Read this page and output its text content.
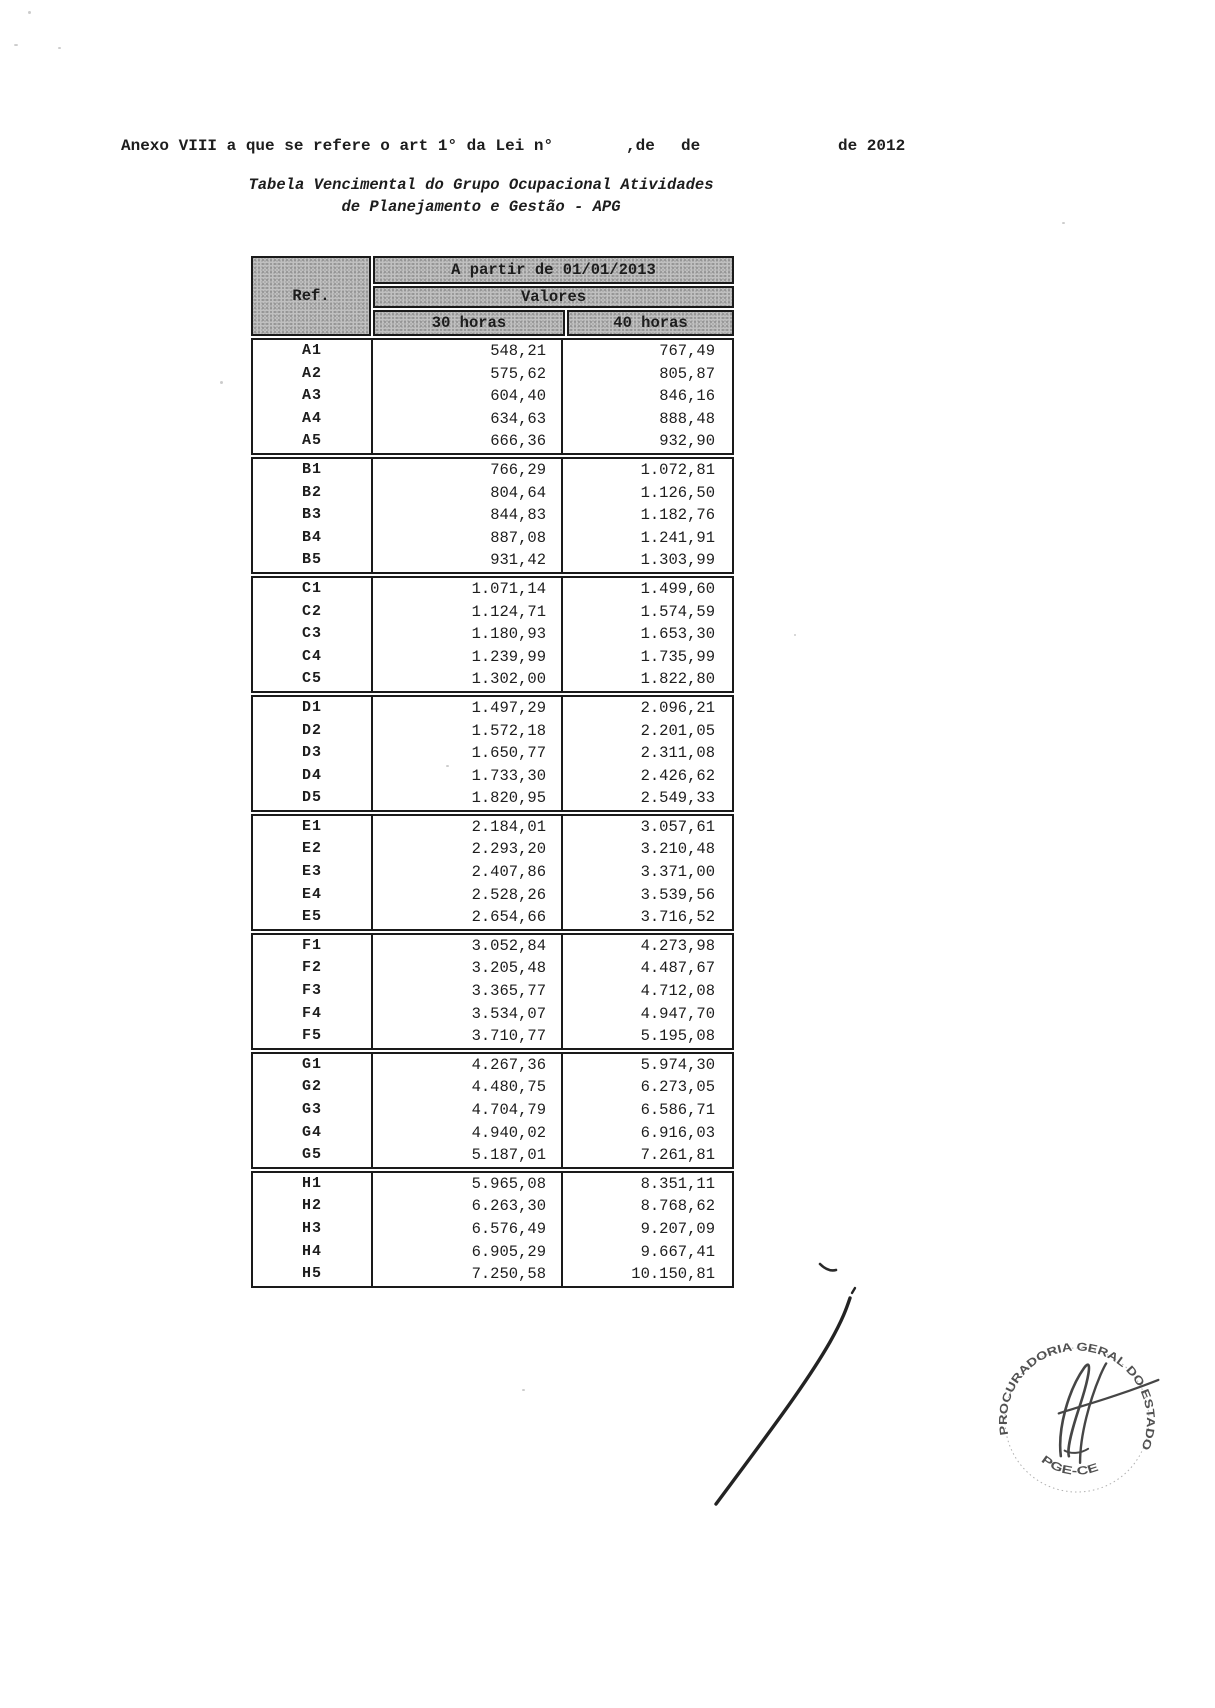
Anexo VIII a que se refere o art 1° da Lei n°	,de de	de 2012
Tabela Vencimental do Grupo Ocupacional Atividades
de Planejamento e Gestão - APG
Ref.
A partir de 01/01/2013
Valores
30 horas	40 horas
A1	548,21	767,49
A2	575,62	805,87
A3	604,40	846,16
A4	634,63	888,48
A5	666,36	932,90
B1	766,29	1.072,81
B2	804,64	1.126,50
B3	844,83	1.182,76
B4	887,08	1.241,91
B5	931,42	1.303,99
C1	1.071,14	1.499,60
C2	1.124,71	1.574,59
C3	1.180,93	1.653,30
C4	1.239,99	1.735,99
C5	1.302,00	1.822,80
D1	1.497,29	2.096,21
D2	1.572,18	2.201,05
D3	1.650,77	2.311,08
D4	1.733,30	2.426,62
D5	1.820,95	2.549,33
E1	2.184,01	3.057,61
E2	2.293,20	3.210,48
E3	2.407,86	3.371,00
E4	2.528,26	3.539,56
E5	2.654,66	3.716,52
F1	3.052,84	4.273,98
F2	3.205,48	4.487,67
F3	3.365,77	4.712,08
F4	3.534,07	4.947,70
F5	3.710,77	5.195,08
G1	4.267,36	5.974,30
G2	4.480,75	6.273,05
G3	4.704,79	6.586,71
G4	4.940,02	6.916,03
G5	5.187,01	7.261,81
H1	5.965,08	8.351,11
H2	6.263,30	8.768,62
H3	6.576,49	9.207,09
H4	6.905,29	9.667,41
H5	7.250,58	10.150,81
PROCURADORIA GERAL DO ESTADO
PGE-CE
